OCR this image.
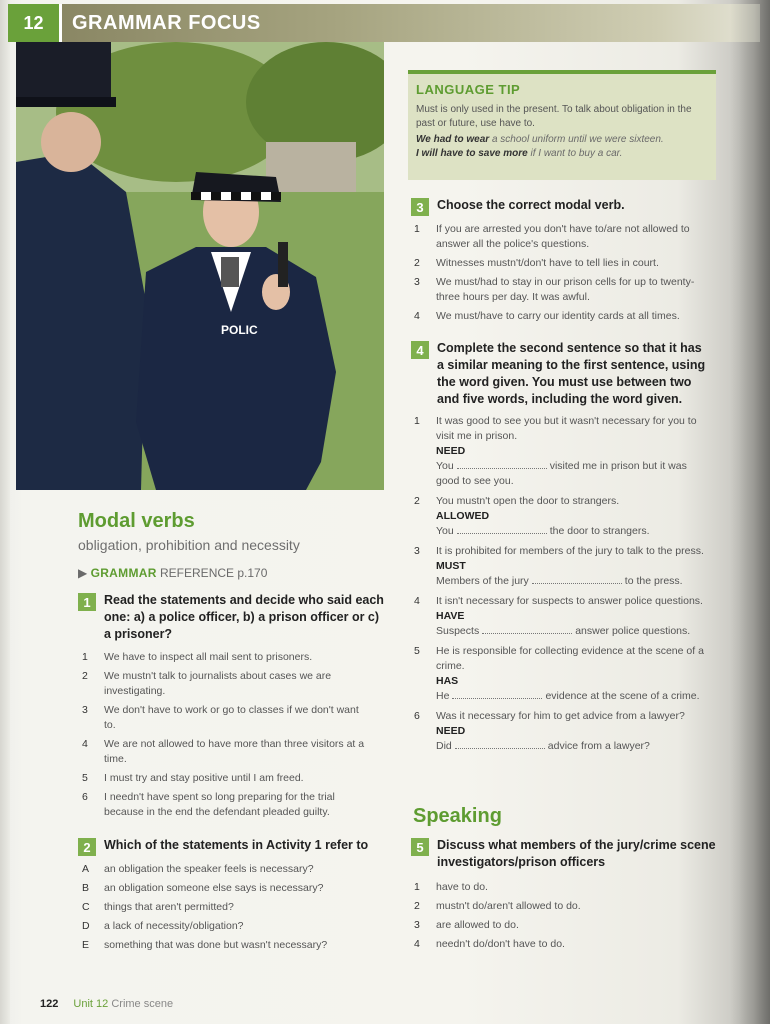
12	GRAMMAR FOCUS
POLIC
Modal verbs
obligation, prohibition and necessity
▶ GRAMMAR REFERENCE p.170
1	Read the statements and decide who said each one: a) a police officer, b) a prison officer or c) a prisoner?
1	We have to inspect all mail sent to prisoners.
2	We mustn't talk to journalists about cases we are investigating.
3	We don't have to work or go to classes if we don't want to.
4	We are not allowed to have more than three visitors at a time.
5	I must try and stay positive until I am freed.
6	I needn't have spent so long preparing for the trial because in the end the defendant pleaded guilty.
2	Which of the statements in Activity 1 refer to
A	an obligation the speaker feels is necessary?
B	an obligation someone else says is necessary?
C	things that aren't permitted?
D	a lack of necessity/obligation?
E	something that was done but wasn't necessary?
LANGUAGE TIP

Must is only used in the present. To talk about obligation in the past or future, use have to.

We had to wear a school uniform until we were sixteen.

I will have to save more if I want to buy a car.

3	Choose the correct modal verb.
1	If you are arrested you don't have to/are not allowed to answer all the police's questions.
2	Witnesses mustn't/don't have to tell lies in court.
3	We must/had to stay in our prison cells for up to twenty-three hours per day. It was awful.
4	We must/have to carry our identity cards at all times.
4	Complete the second sentence so that it has a similar meaning to the first sentence, using the word given. You must use between two and five words, including the word given.
1	It was good to see you but it wasn't necessary for you to visit me in prison.
NEED
You	visited me in prison but it was good to see you.
2	You mustn't open the door to strangers.
ALLOWED
You	the door to strangers.
3	It is prohibited for members of the jury to talk to the press.
MUST
Members of the jury	to the press.
4	It isn't necessary for suspects to answer police questions.
HAVE
Suspects	answer police questions.
5	He is responsible for collecting evidence at the scene of a crime.
HAS
He	evidence at the scene of a crime.
6	Was it necessary for him to get advice from a lawyer?
NEED
Did	advice from a lawyer?
Speaking
5	Discuss what members of the jury/crime scene investigators/prison officers
1	have to do.
2	mustn't do/aren't allowed to do.
3	are allowed to do.
4	needn't do/don't have to do.
122 Unit 12 Crime scene
